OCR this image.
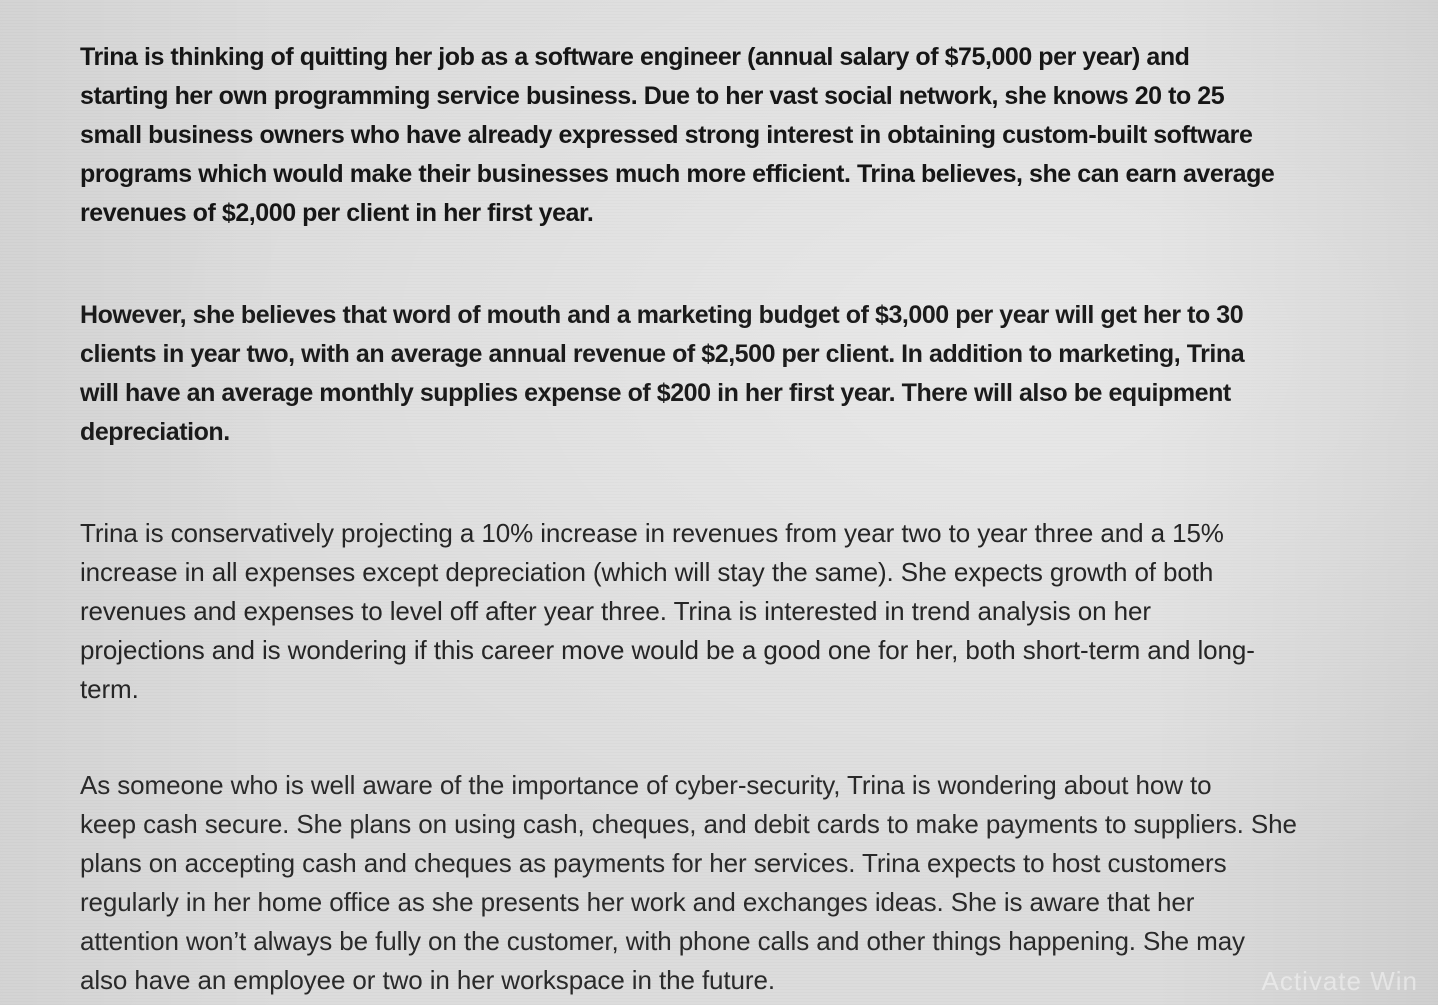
Trina is thinking of quitting her job as a software engineer (annual salary of $75,000 per year) and
starting her own programming service business. Due to her vast social network, she knows 20 to 25
small business owners who have already expressed strong interest in obtaining custom-built software
programs which would make their businesses much more efficient. Trina believes, she can earn average
revenues of $2,000 per client in her first year.

However, she believes that word of mouth and a marketing budget of $3,000 per year will get her to 30
clients in year two, with an average annual revenue of $2,500 per client. In addition to marketing, Trina
will have an average monthly supplies expense of $200 in her first year. There will also be equipment
depreciation.

Trina is conservatively projecting a 10% increase in revenues from year two to year three and a 15%
increase in all expenses except depreciation (which will stay the same). She expects growth of both
revenues and expenses to level off after year three. Trina is interested in trend analysis on her
projections and is wondering if this career move would be a good one for her, both short-term and long-
term.

As someone who is well aware of the importance of cyber-security, Trina is wondering about how to
keep cash secure. She plans on using cash, cheques, and debit cards to make payments to suppliers. She
plans on accepting cash and cheques as payments for her services. Trina expects to host customers
regularly in her home office as she presents her work and exchanges ideas. She is aware that her
attention won’t always be fully on the customer, with phone calls and other things happening. She may
also have an employee or two in her workspace in the future.	Activate Win
